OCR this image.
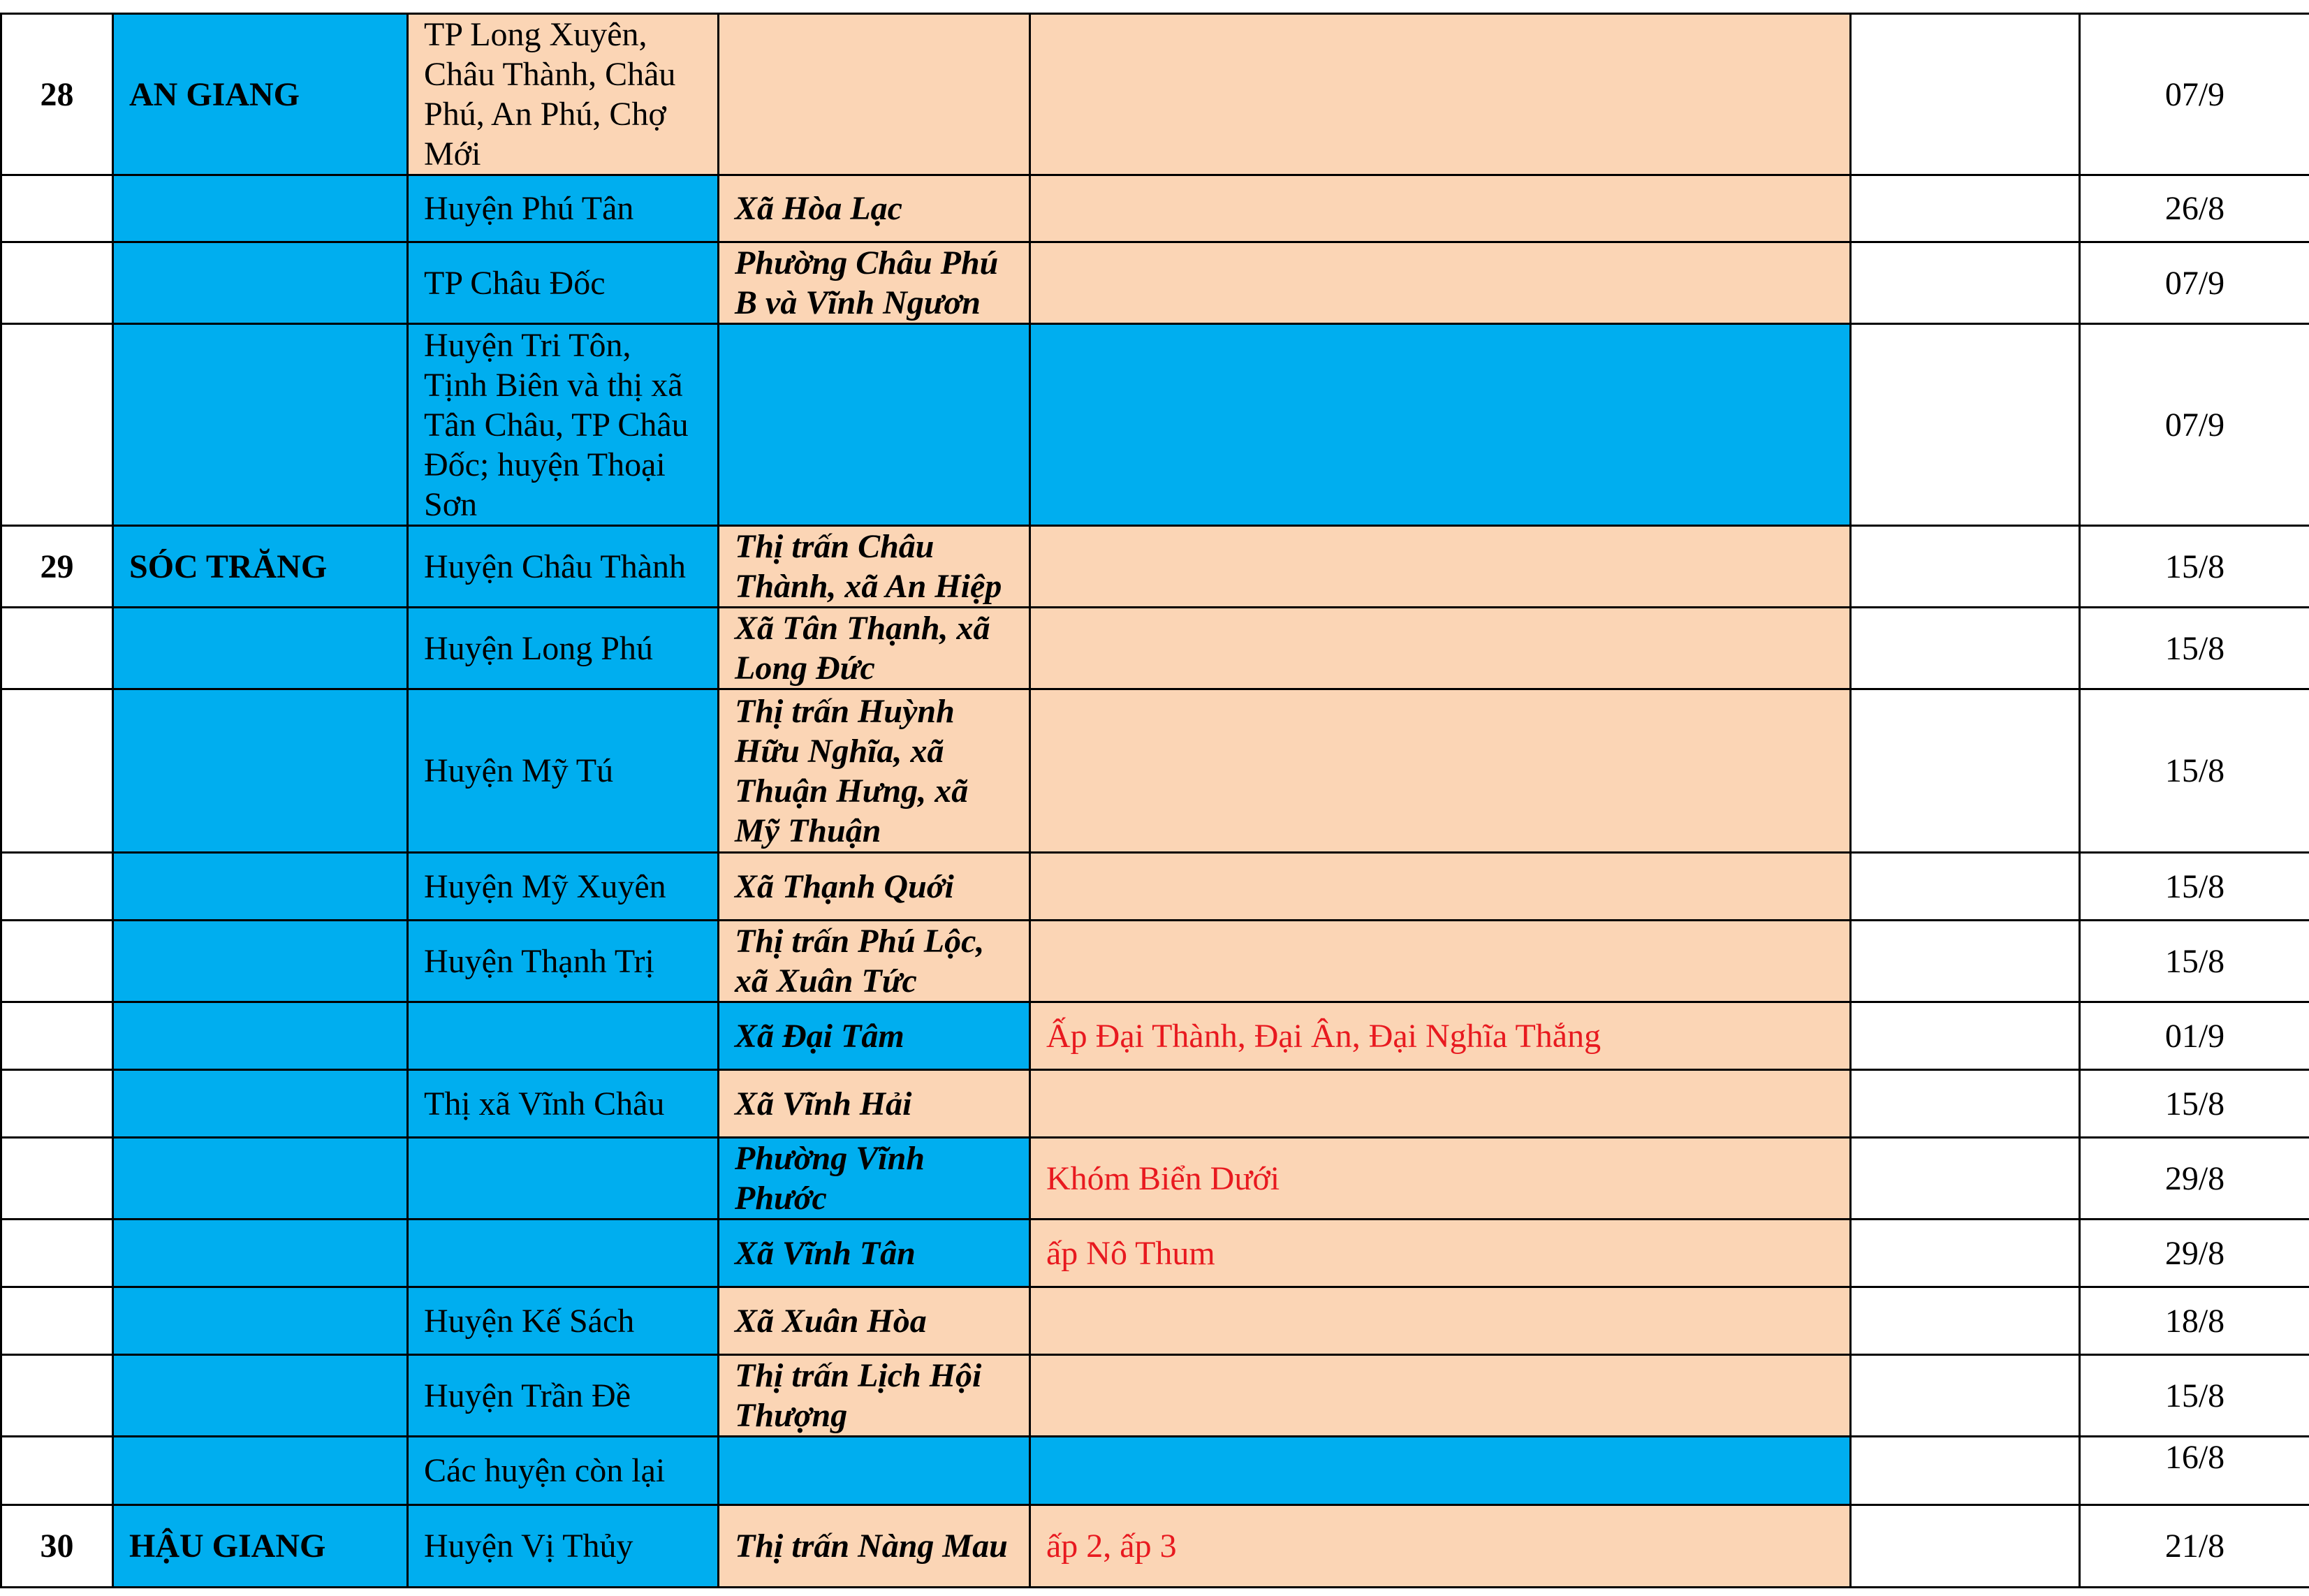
28	AN GIANG	TP Long Xuyên, Châu Thành, Châu Phú, An Phú, Chợ Mới				07/9
		Huyện Phú Tân	Xã Hòa Lạc			26/8
		TP Châu Đốc	Phường Châu Phú B và Vĩnh Ngươn			07/9
		Huyện Tri Tôn, Tịnh Biên và thị xã Tân Châu, TP Châu Đốc; huyện Thoại Sơn				07/9
29	SÓC TRĂNG	Huyện Châu Thành	Thị trấn Châu Thành, xã An Hiệp			15/8
		Huyện Long Phú	Xã Tân Thạnh, xã Long Đức			15/8
		Huyện Mỹ Tú	Thị trấn Huỳnh Hữu Nghĩa, xã Thuận Hưng, xã Mỹ Thuận			15/8
		Huyện Mỹ Xuyên	Xã Thạnh Quới			15/8
		Huyện Thạnh Trị	Thị trấn Phú Lộc, xã Xuân Tức			15/8
			Xã Đại Tâm	Ấp Đại Thành, Đại Ân, Đại Nghĩa Thắng		01/9
		Thị xã Vĩnh Châu	Xã Vĩnh Hải			15/8
			Phường Vĩnh Phước	Khóm Biển Dưới		29/8
			Xã Vĩnh Tân	ấp Nô Thum		29/8
		Huyện Kế Sách	Xã Xuân Hòa			18/8
		Huyện Trần Đề	Thị trấn Lịch Hội Thượng			15/8
		Các huyện còn lại				16/8
30	HẬU GIANG	Huyện Vị Thủy	Thị trấn Nàng Mau	ấp 2, ấp 3		21/8
